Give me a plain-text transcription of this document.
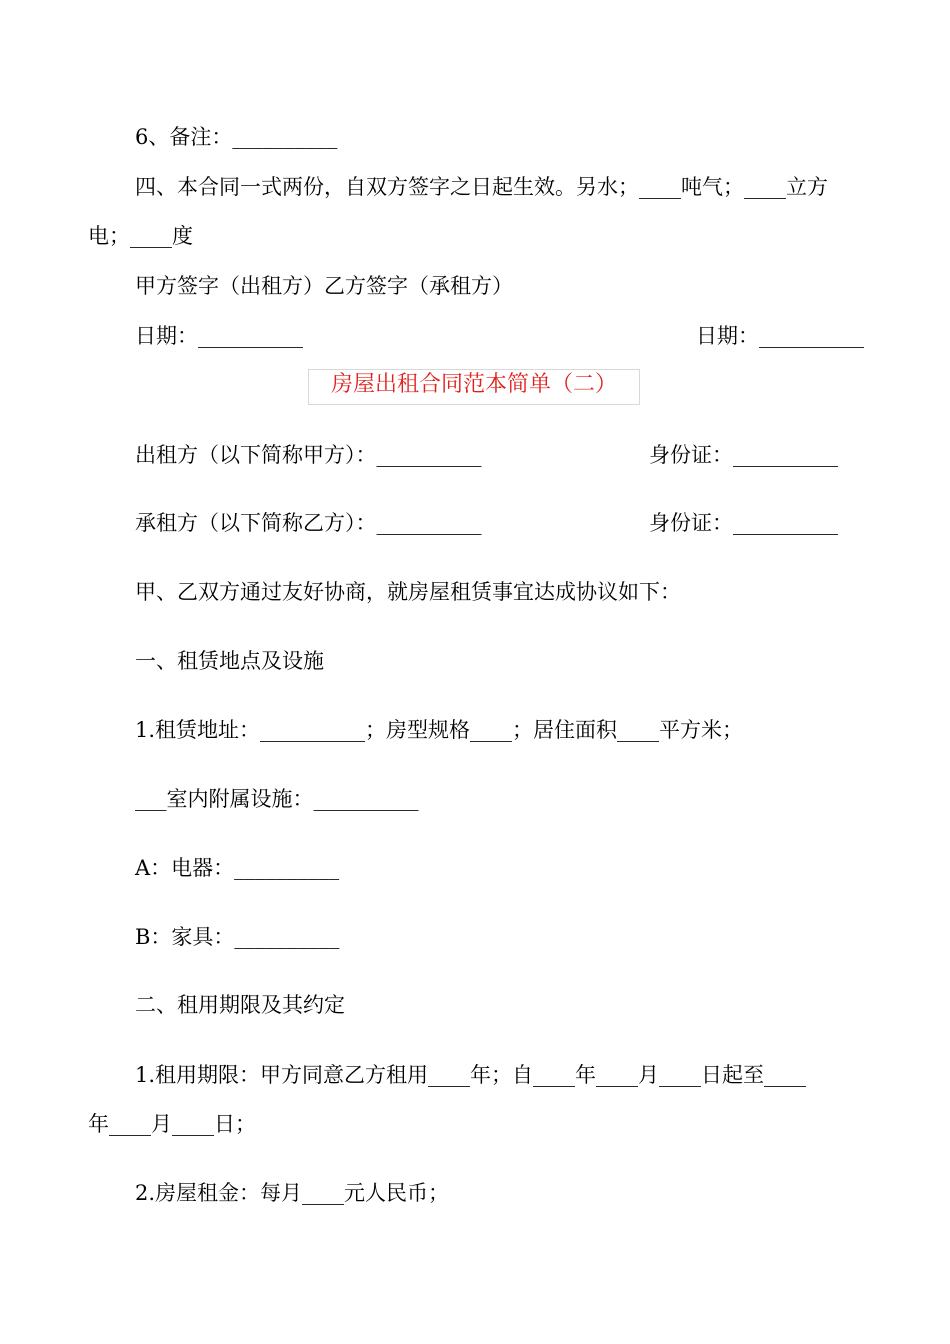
6、备注：__________
四、本合同一式两份，自双方签字之日起生效。另水；____吨气；____立方
电；____度
甲方签字（出租方）乙方签字（承租方）
日期：__________	日期：__________
房屋出租合同范本简单（二）
出租方（以下简称甲方）：__________	身份证：__________
承租方（以下简称乙方）：__________	身份证：__________
甲、乙双方通过友好协商，就房屋租赁事宜达成协议如下：
一、租赁地点及设施
1.租赁地址：__________；房型规格____；居住面积____平方米；
___室内附属设施：__________
A：电器：__________
B：家具：__________
二、租用期限及其约定
1.租用期限：甲方同意乙方租用____年；自____年____月____日起至____
年____月____日；
2.房屋租金：每月____元人民币；
